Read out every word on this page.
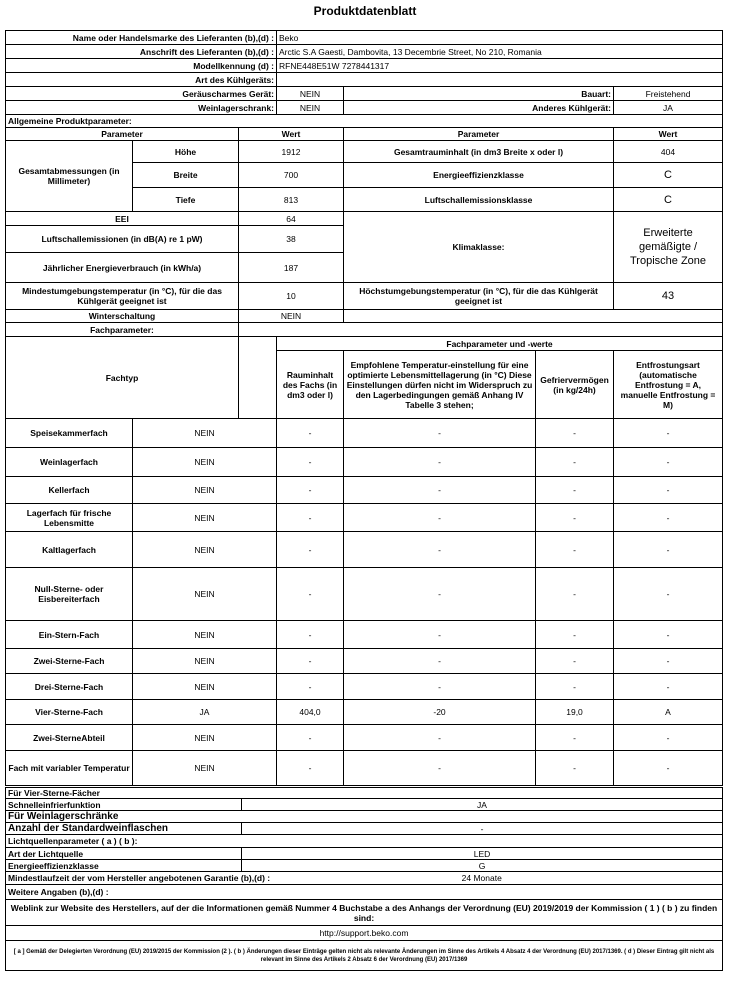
Produktdatenblatt
Name oder Handelsmarke des Lieferanten (b),(d) :			Beko			
Anschrift des Lieferanten (b),(d) :			Arctic S.A Gaesti, Dambovita, 13 Decembrie Street, No 210, Romania			
Modellkennung (d) :			RFNE448E51W 7278441317			
Art des Kühlgeräts:						
Geräuscharmes Gerät:			NEIN	Bauart:		Freistehend
Weinlagerschrank:			NEIN	Anderes Kühlgerät:		JA
Allgemeine Produktparameter:						
Parameter		Wert		Parameter		Wert
Gesamtabmessungen (in Millimeter)	Höhe	1912		Gesamtrauminhalt (in dm3 Breite x oder l)		404
	Breite	700		Energieeffizienzklasse		C
	Tiefe	813		Luftschallemissionsklasse		C
EEI		64		Klimaklasse:		Erweiterte gemäßigte / Tropische Zone
Luftschallemissionen (in dB(A) re 1 pW)		38				
Jährlicher Energieverbrauch (in kWh/a)		187				
Mindestumgebungstemperatur (in °C), für die das Kühlgerät geeignet ist		10		Höchstumgebungstemperatur (in °C), für die das Kühlgerät geeignet ist		43
Winterschaltung		NEIN				
Fachparameter:						
Fachtyp			Fachparameter und -werte			
			Rauminhalt des Fachs (in dm3 oder l)	Empfohlene Temperatur-einstellung für eine optimierte Lebensmittellagerung (in °C) Diese Einstellungen dürfen nicht im Widerspruch zu den Lagerbedingungen gemäß Anhang IV Tabelle 3 stehen;	Gefriervermögen (in kg/24h)	Entfrostungsart (automatische Entfrostung = A, manuelle Entfrostung = M)
Speisekammerfach	NEIN		-	-	-	-
Weinlagerfach	NEIN		-	-	-	-
Kellerfach	NEIN		-	-	-	-
Lagerfach für frische Lebensmitte	NEIN		-	-	-	-
Kaltlagerfach	NEIN		-	-	-	-
Null-Sterne- oder Eisbereiterfach	NEIN		-	-	-	-
Ein-Stern-Fach	NEIN		-	-	-	-
Zwei-Sterne-Fach	NEIN		-	-	-	-
Drei-Sterne-Fach	NEIN		-	-	-	-
Vier-Sterne-Fach	JA		404,0	-20	19,0	A
Zwei-SterneAbteil	NEIN		-	-	-	-
Fach mit variabler Temperatur	NEIN		-	-	-	-
Für Vier-Sterne-Fächer	
Schnelleinfrierfunktion	JA
Für Weinlagerschränke	
Anzahl der Standardweinflaschen	-
Lichtquellenparameter ( a ) ( b ):	
Art der Lichtquelle	LED
Energieeffizienzklasse	G
Mindestlaufzeit der vom Hersteller angebotenen Garantie (b),(d) :	24 Monate
Weitere Angaben (b),(d) :	
Weblink zur Website des Herstellers, auf der die Informationen gemäß Nummer 4 Buchstabe a des Anhangs der Verordnung (EU) 2019/2019 der Kommission ( 1 ) ( b ) zu finden sind:	
http://support.beko.com	
[ a ] Gemäß der Delegierten Verordnung (EU) 2019/2015 der Kommission (2 ). ( b ) Änderungen dieser Einträge gelten nicht als relevante Änderungen im Sinne des Artikels 4 Absatz 4 der Verordnung (EU) 2017/1369. ( d ) Dieser Eintrag gilt nicht als relevant im Sinne des Artikels 2 Absatz 6 der Verordnung (EU) 2017/1369	
